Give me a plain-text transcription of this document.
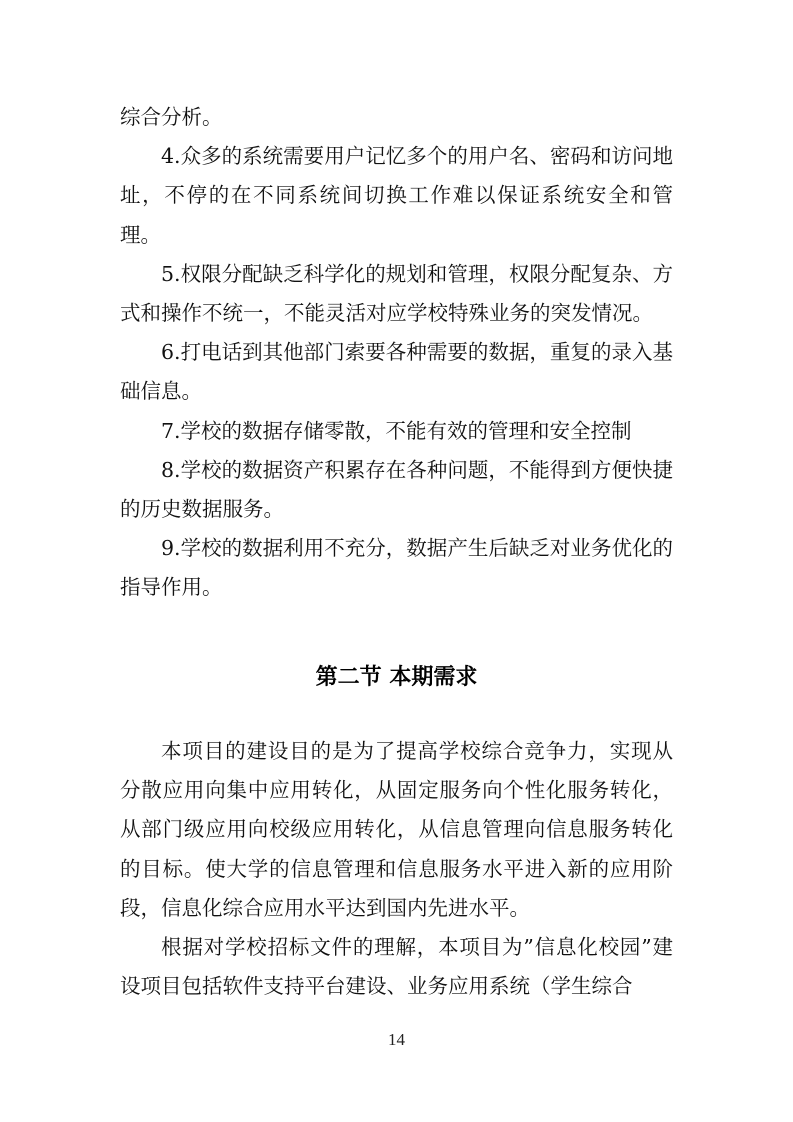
综合分析。

4.众多的系统需要用户记忆多个的用户名、密码和访问地址，不停的在不同系统间切换工作难以保证系统安全和管理。

5.权限分配缺乏科学化的规划和管理，权限分配复杂、方式和操作不统一，不能灵活对应学校特殊业务的突发情况。

6.打电话到其他部门索要各种需要的数据，重复的录入基础信息。

7.学校的数据存储零散，不能有效的管理和安全控制

8.学校的数据资产积累存在各种问题，不能得到方便快捷的历史数据服务。

9.学校的数据利用不充分，数据产生后缺乏对业务优化的指导作用。

第二节 本期需求

本项目的建设目的是为了提高学校综合竞争力，实现从分散应用向集中应用转化，从固定服务向个性化服务转化，从部门级应用向校级应用转化，从信息管理向信息服务转化的目标。使大学的信息管理和信息服务水平进入新的应用阶段，信息化综合应用水平达到国内先进水平。

根据对学校招标文件的理解，本项目为”信息化校园”建设项目包括软件支持平台建设、业务应用系统（学生综合

14
